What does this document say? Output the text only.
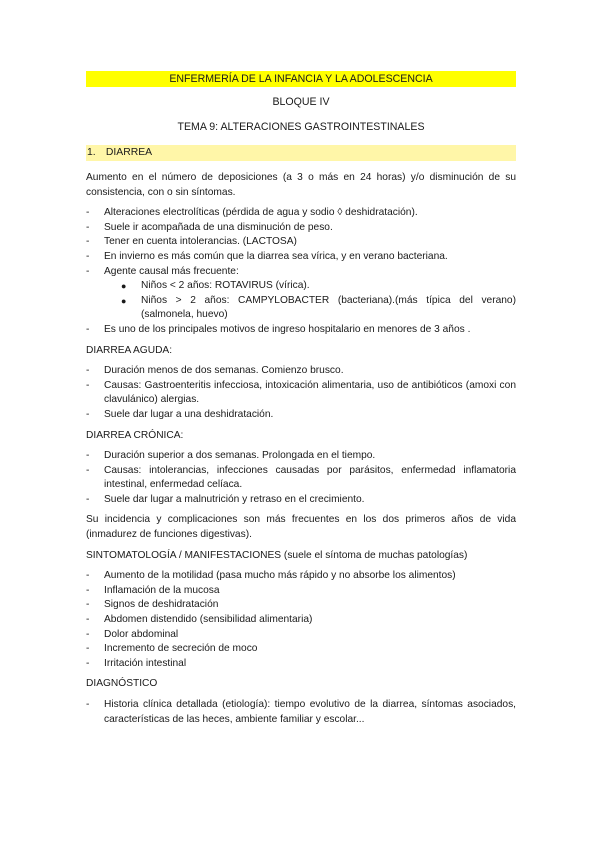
ENFERMERÍA DE LA INFANCIA Y LA ADOLESCENCIA
BLOQUE IV
TEMA 9: ALTERACIONES GASTROINTESTINALES
1. DIARREA

Aumento en el número de deposiciones (a 3 o más en 24 horas) y/o disminución de su consistencia, con o sin síntomas.

- Alteraciones electrolíticas (pérdida de agua y sodio ◊ deshidratación).
- Suele ir acompañada de una disminución de peso.
- Tener en cuenta intolerancias. (LACTOSA)
- En invierno es más común que la diarrea sea vírica, y en verano bacteriana.
- Agente causal más frecuente:
● Niños < 2 años: ROTAVIRUS (vírica).
● Niños > 2 años: CAMPYLOBACTER (bacteriana).(más típica del verano) (salmonela, huevo)
- Es uno de los principales motivos de ingreso hospitalario en menores de 3 años .
DIARREA AGUDA:
- Duración menos de dos semanas. Comienzo brusco.
- Causas: Gastroenteritis infecciosa, intoxicación alimentaria, uso de antibióticos (amoxi con clavulánico) alergias.
- Suele dar lugar a una deshidratación.
DIARREA CRÓNICA:
- Duración superior a dos semanas. Prolongada en el tiempo.
- Causas: intolerancias, infecciones causadas por parásitos, enfermedad inflamatoria intestinal, enfermedad celíaca.
- Suele dar lugar a malnutrición y retraso en el crecimiento.

Su incidencia y complicaciones son más frecuentes en los dos primeros años de vida (inmadurez de funciones digestivas).

SINTOMATOLOGÍA / MANIFESTACIONES (suele el síntoma de muchas patologías)
- Aumento de la motilidad (pasa mucho más rápido y no absorbe los alimentos)
- Inflamación de la mucosa
- Signos de deshidratación
- Abdomen distendido (sensibilidad alimentaria)
- Dolor abdominal
- Incremento de secreción de moco
- Irritación intestinal
DIAGNÓSTICO
- Historia clínica detallada (etiología): tiempo evolutivo de la diarrea, síntomas asociados, características de las heces, ambiente familiar y escolar...
